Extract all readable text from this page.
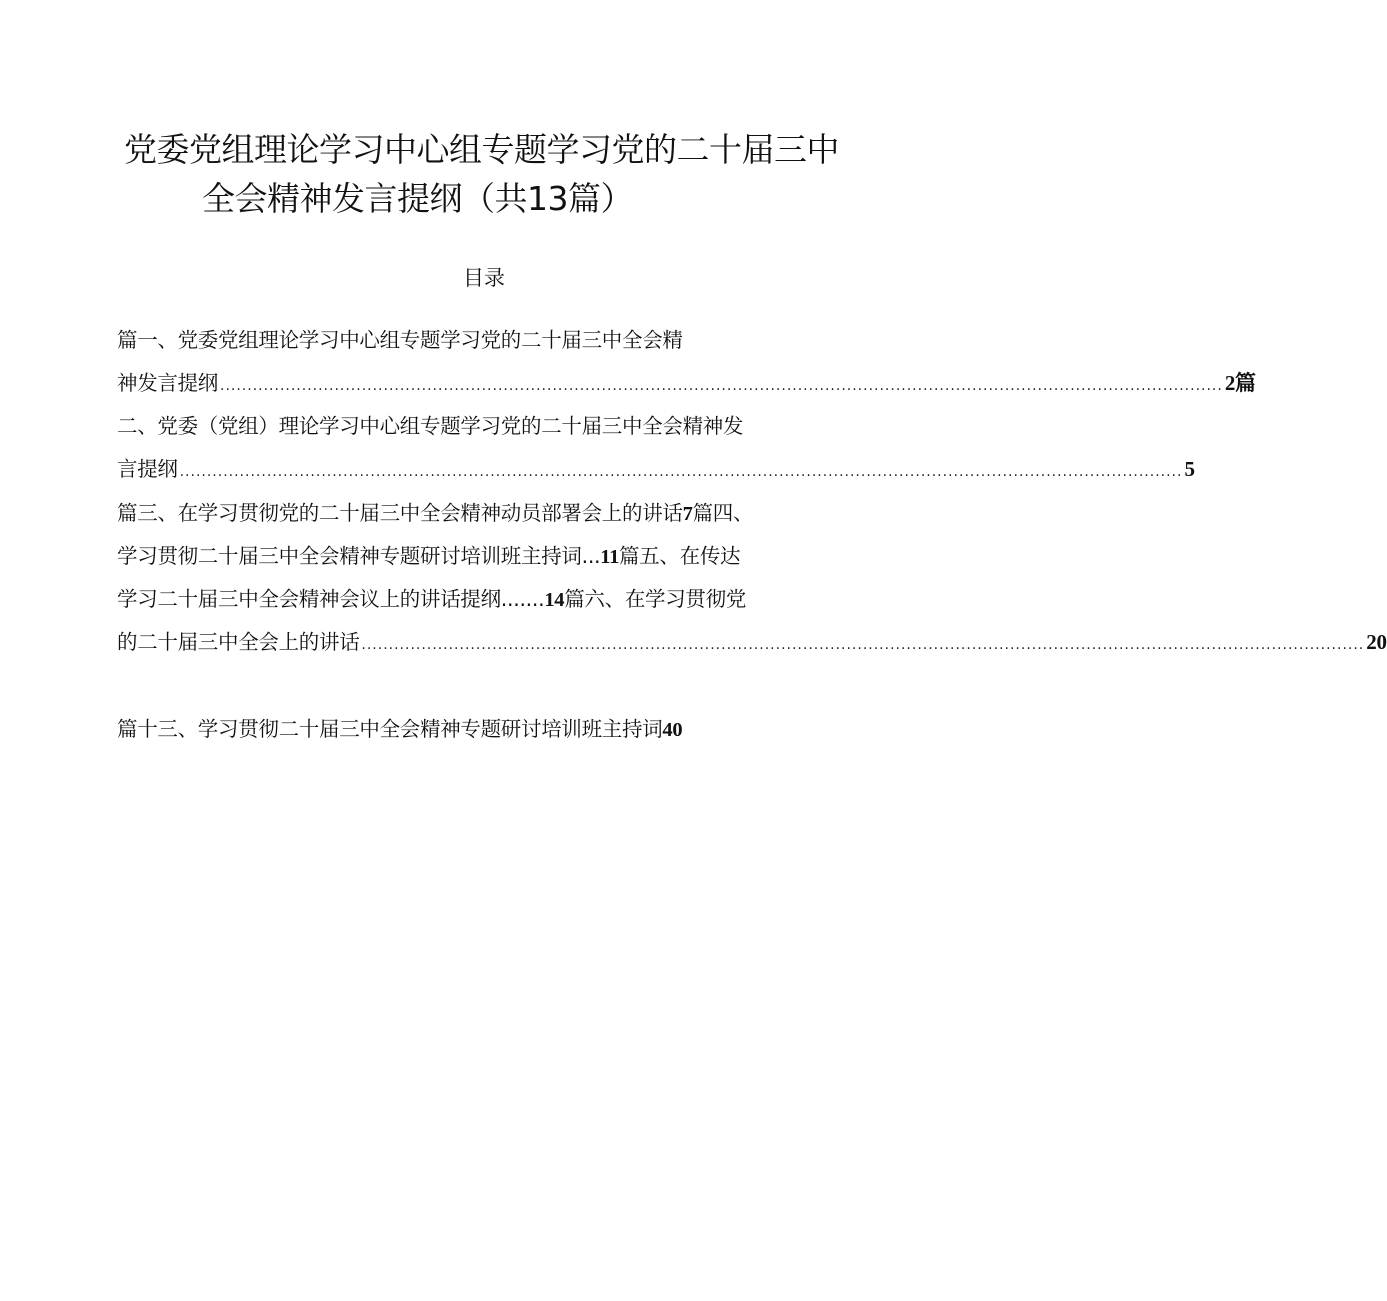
党委党组理论学习中心组专题学习党的二十届三中
全会精神发言提纲（共13篇）
目录
篇一、党委党组理论学习中心组专题学习党的二十届三中全会精
神发言提纲 ........................................................................................................................................................................................ 2篇
二、党委（党组）理论学习中心组专题学习党的二十届三中全会精神发
言提纲 ........................................................................................................................................................................................ 5
篇三、在学习贯彻党的二十届三中全会精神动员部署会上的讲话 7 篇四、
学习贯彻二十届三中全会精神专题研讨培训班主持词... 11 篇五、在传达
学习二十届三中全会精神会议上的讲话提纲....... 14 篇六、在学习贯彻党
的二十届三中全会上的讲话 ........................................................................................................................................................................................ 20
篇十三、学习贯彻二十届三中全会精神专题研讨培训班主持词 40
